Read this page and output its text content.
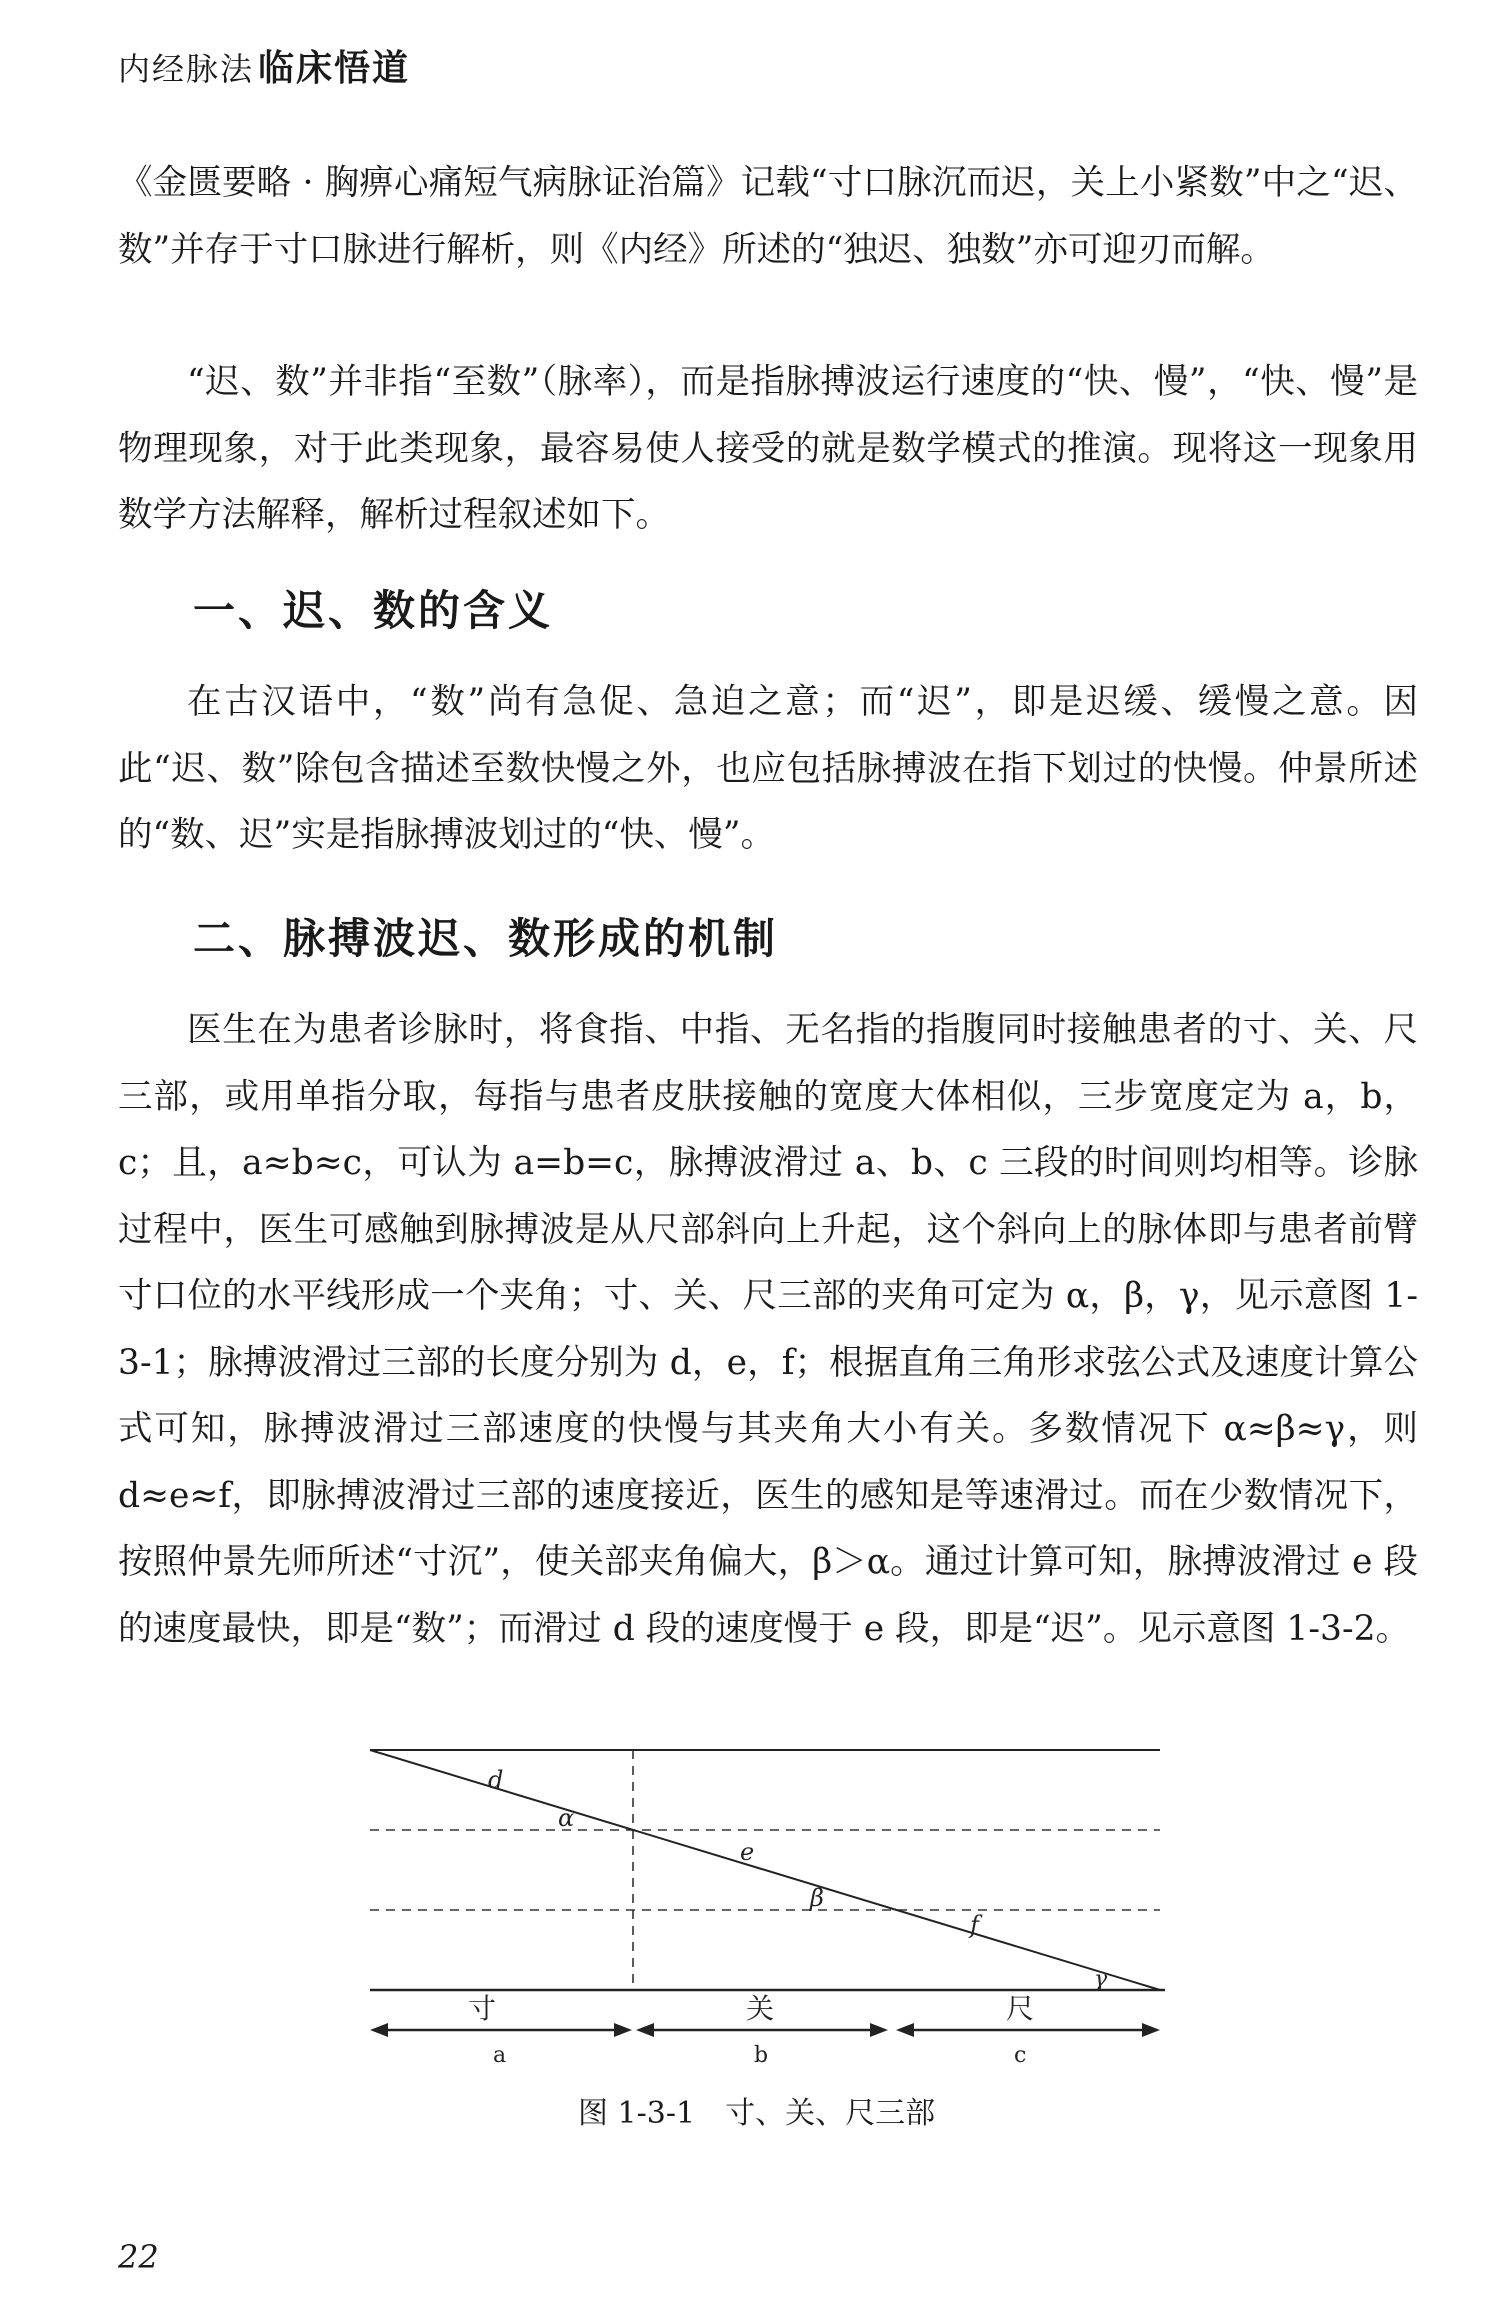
内经脉法 临床悟道

《金匮要略 · 胸痹心痛短气病脉证治篇》记载“寸口脉沉而迟，关上小紧数”中之“迟、数”并存于寸口脉进行解析，则《内经》所述的“独迟、独数”亦可迎刃而解。

“迟、数”并非指“至数”（脉率），而是指脉搏波运行速度的“快、慢”，“快、慢”是物理现象，对于此类现象，最容易使人接受的就是数学模式的推演。现将这一现象用数学方法解释，解析过程叙述如下。

一、迟、数的含义

在古汉语中，“数”尚有急促、急迫之意；而“迟”，即是迟缓、缓慢之意。因此“迟、数”除包含描述至数快慢之外，也应包括脉搏波在指下划过的快慢。仲景所述的“数、迟”实是指脉搏波划过的“快、慢”。

二、脉搏波迟、数形成的机制

医生在为患者诊脉时，将食指、中指、无名指的指腹同时接触患者的寸、关、尺三部，或用单指分取，每指与患者皮肤接触的宽度大体相似，三步宽度定为 a，b，c；且，a≈b≈c，可认为 a=b=c，脉搏波滑过 a、b、c 三段的时间则均相等。诊脉过程中，医生可感触到脉搏波是从尺部斜向上升起，这个斜向上的脉体即与患者前臂寸口位的水平线形成一个夹角；寸、关、尺三部的夹角可定为 α，β，γ，见示意图 1-3-1；脉搏波滑过三部的长度分别为 d，e，f；根据直角三角形求弦公式及速度计算公式可知，脉搏波滑过三部速度的快慢与其夹角大小有关。多数情况下 α≈β≈γ，则 d≈e≈f，即脉搏波滑过三部的速度接近，医生的感知是等速滑过。而在少数情况下，按照仲景先师所述“寸沉”，使关部夹角偏大，β＞α。通过计算可知，脉搏波滑过 e 段的速度最快，即是“数”；而滑过 d 段的速度慢于 e 段，即是“迟”。见示意图 1-3-2。

d
e
f
α
β
γ
寸	关	尺
a	b	c
图 1-3-1　寸、关、尺三部
22
